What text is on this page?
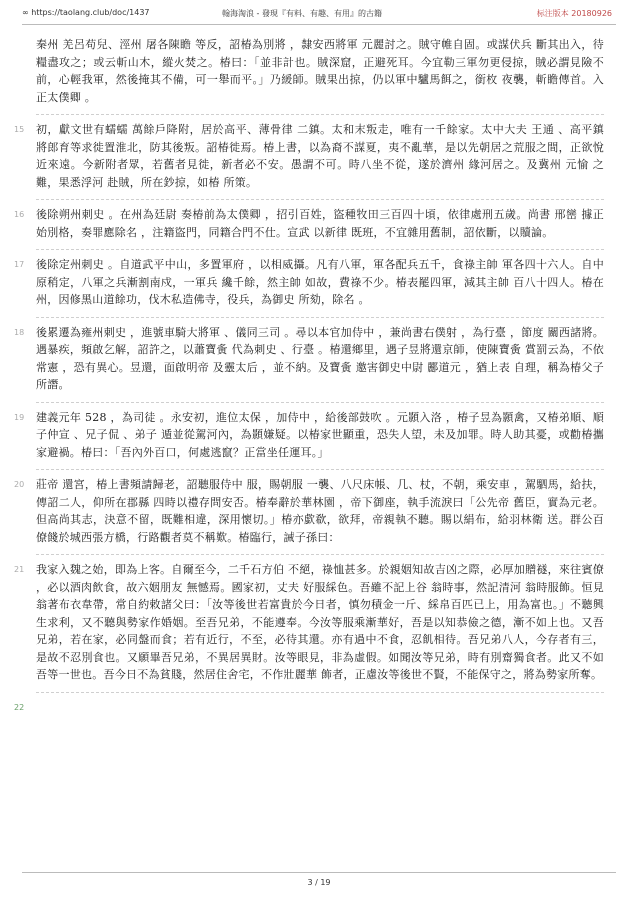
∞ https://taolang.club/doc/1437	翰海淘浪 - 發現『有料、有趣、有用』的古籍	标注版本 20180926
秦州 羌呂苟兒、涇州 屠各陳瞻 等反，詔椿為別將 ，隸安西將軍 元麗討之。賊守帷自固。或謀伏兵 斷其出入，待糧盡攻之；或云斬山木，縱火焚之。椿曰：「並非計也。賊深窟，正避死耳。今宜勒三軍勿更侵掠，賊必謂見險不前，心輕我軍，然後掩其不備，可一舉而平。」乃緩師。賊果出掠，仍以軍中驢馬餌之，銜枚 夜襲，斬瞻傳首。入正太僕卿 。
15 初，獻文世有蠕蠕 萬餘戶降附，居於高平、薄骨律 二鎮。太和末叛走，唯有一千餘家。太中大夫 王通 、高平鎮 將郎育等求徙置淮北，防其後叛。詔椿徙焉。椿上書，以為裔不謀夏，夷不亂華，是以先朝居之荒服之間，正欲悅近來遠。今新附者眾，若舊者見徙，新者必不安。愚謂不可。時八坐不從，遂於濟州 緣河居之。及冀州 元愉 之難，果悉浮河 赴賊，所在鈔掠，如椿 所策。
16 後除朔州刺史 。在州為廷尉 奏椿前為太僕卿 ，招引百姓，盜種牧田三百四十頃，依律處刑五歲。尚書 邢巒 據正始別格，奏罪應除名 ，注籍盜門，同籍合門不仕。宣武 以新律 既班，不宜雜用舊制，詔依斷，以贖論。
17 後除定州刺史 。自道武平中山，多置軍府 ，以相威攝。凡有八軍，軍各配兵五千，食祿主帥 軍各四十六人。自中原稍定，八軍之兵漸割南戍，一軍兵 纔千餘，然主帥 如故，費祿不少。椿表罷四軍，減其主帥 百八十四人。椿在州，因修黑山道餘功，伐木私造佛寺，役兵，為御史 所劾，除名 。
18 後累遷為雍州刺史 ，進號車騎大將軍 、儀同三司 。尋以本官加侍中 ，兼尚書右僕射 ，為行臺 ，節度 關西諸將。遇暴疾，頻啟乞解，詔許之，以蕭寶夤 代為刺史 、行臺 。椿還鄉里，遇子昱將還京師，使陳寶夤 賞罰云為，不依常憲 ，恐有異心。昱還，面啟明帝 及靈太后 ，並不納。及寶夤 邀害御史中尉 酈道元 ，猶上表 自理，稱為椿父子所譖。
19 建義元年 528 ，為司徒 。永安初，進位太保 ，加侍中 ，給後部鼓吹 。元顥入洛 ，椿子昱為顥禽，又椿弟順、順子仲宣 、兄子侃 、弟子 遁並從駕河內，為顥嫌疑。以椿家世顯重，恐失人望，未及加罪。時人助其憂，或勸椿攜家避禍。椿曰：「吾內外百口，何處逃竄？正當坐任運耳。」
20 莊帝 還宮，椿上書頻請歸老，詔聽服侍中 服，賜朝服 一襲、八尺床帳、几、杖，不朝，乘安車 ，駕駟馬，給扶，傳詔二人，仰所在郡縣 四時以禮存問安否。椿奉辭於華林園 ，帝下御座，執手流淚曰「公先帝 舊臣，實為元老。但高尚其志，決意不留，既難相違，深用懷切。」椿亦歔欷，欲拜，帝親執不聽。賜以絹布，給羽林衛 送。群公百僚餞於城西張方橋，行路觀者莫不稱歎。椿臨行，誡子孫曰：
21 我家入魏之始，即為上客。自爾至今，二千石方伯 不絕，祿恤甚多。於親姻知故吉凶之際，必厚加贈襚，來往賓僚 ，必以酒肉飲食，故六姻朋友 無憾焉。國家初，丈夫 好服綵色。吾雖不記上谷 翁時事，然記清河 翁時服飾。恒見翁著布衣韋帶，常自約敕諸父曰：「汝等後世若富貴於今日者，慎勿積金一斤、綵帛百匹已上，用為富也。」不聽興生求利，又不聽與勢家作婚姻。至吾兄弟，不能遵奉。今汝等服乘漸華好，吾是以知恭儉之德，漸不如上也。又吾兄弟，若在家，必同盤而食；若有近行，不至，必待其還。亦有過中不食，忍飢相待。吾兄弟八人，今存者有三，是故不忍別食也。又願畢吾兄弟，不異居異財。汝等眼見，非為虛假。如聞汝等兄弟，時有別齋獨食者。此又不如吾等一世也。吾今日不為貧賤，然居住舍宅，不作壯麗華 飾者，正慮汝等後世不賢，不能保守之，將為勢家所奪。
22
3 / 19
